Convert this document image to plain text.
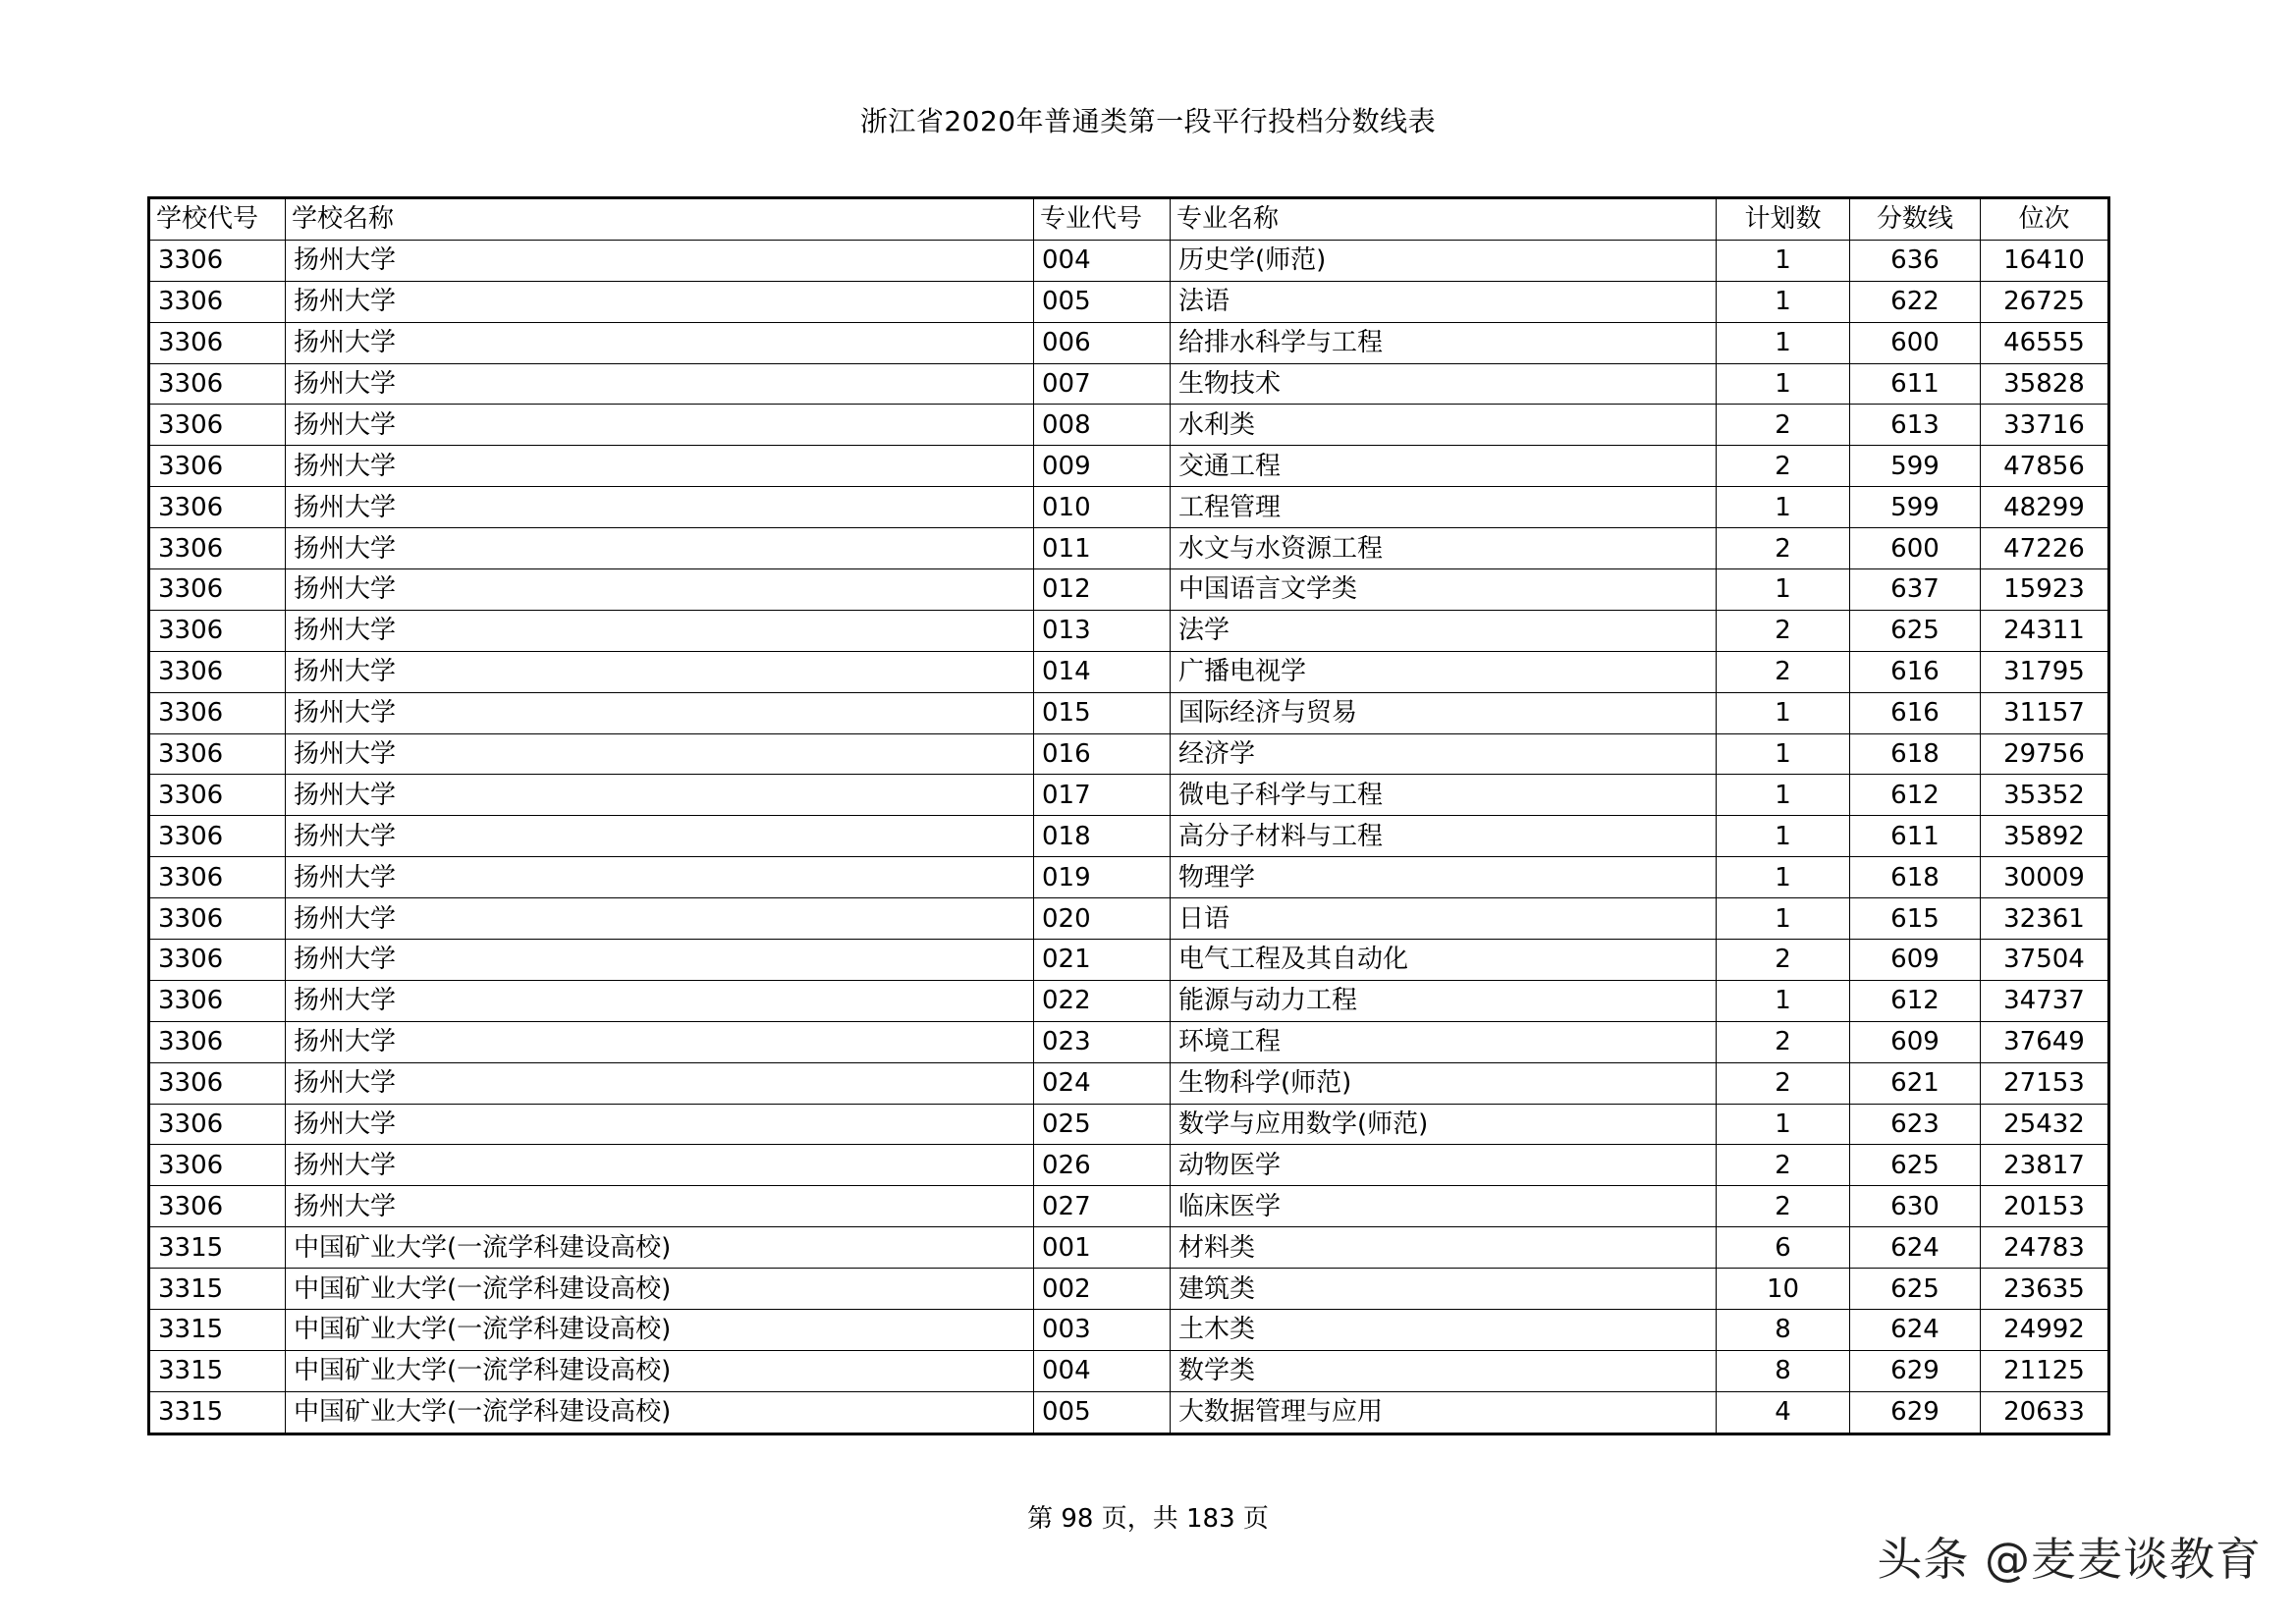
浙江省2020年普通类第一段平行投档分数线表
学校代号	学校名称	专业代号	专业名称	计划数	分数线	位次
3306	扬州大学	004	历史学(师范)	1	636	16410
3306	扬州大学	005	法语	1	622	26725
3306	扬州大学	006	给排水科学与工程	1	600	46555
3306	扬州大学	007	生物技术	1	611	35828
3306	扬州大学	008	水利类	2	613	33716
3306	扬州大学	009	交通工程	2	599	47856
3306	扬州大学	010	工程管理	1	599	48299
3306	扬州大学	011	水文与水资源工程	2	600	47226
3306	扬州大学	012	中国语言文学类	1	637	15923
3306	扬州大学	013	法学	2	625	24311
3306	扬州大学	014	广播电视学	2	616	31795
3306	扬州大学	015	国际经济与贸易	1	616	31157
3306	扬州大学	016	经济学	1	618	29756
3306	扬州大学	017	微电子科学与工程	1	612	35352
3306	扬州大学	018	高分子材料与工程	1	611	35892
3306	扬州大学	019	物理学	1	618	30009
3306	扬州大学	020	日语	1	615	32361
3306	扬州大学	021	电气工程及其自动化	2	609	37504
3306	扬州大学	022	能源与动力工程	1	612	34737
3306	扬州大学	023	环境工程	2	609	37649
3306	扬州大学	024	生物科学(师范)	2	621	27153
3306	扬州大学	025	数学与应用数学(师范)	1	623	25432
3306	扬州大学	026	动物医学	2	625	23817
3306	扬州大学	027	临床医学	2	630	20153
3315	中国矿业大学(一流学科建设高校)	001	材料类	6	624	24783
3315	中国矿业大学(一流学科建设高校)	002	建筑类	10	625	23635
3315	中国矿业大学(一流学科建设高校)	003	土木类	8	624	24992
3315	中国矿业大学(一流学科建设高校)	004	数学类	8	629	21125
3315	中国矿业大学(一流学科建设高校)	005	大数据管理与应用	4	629	20633
第 98 页，共 183 页
头条 @麦麦谈教育
